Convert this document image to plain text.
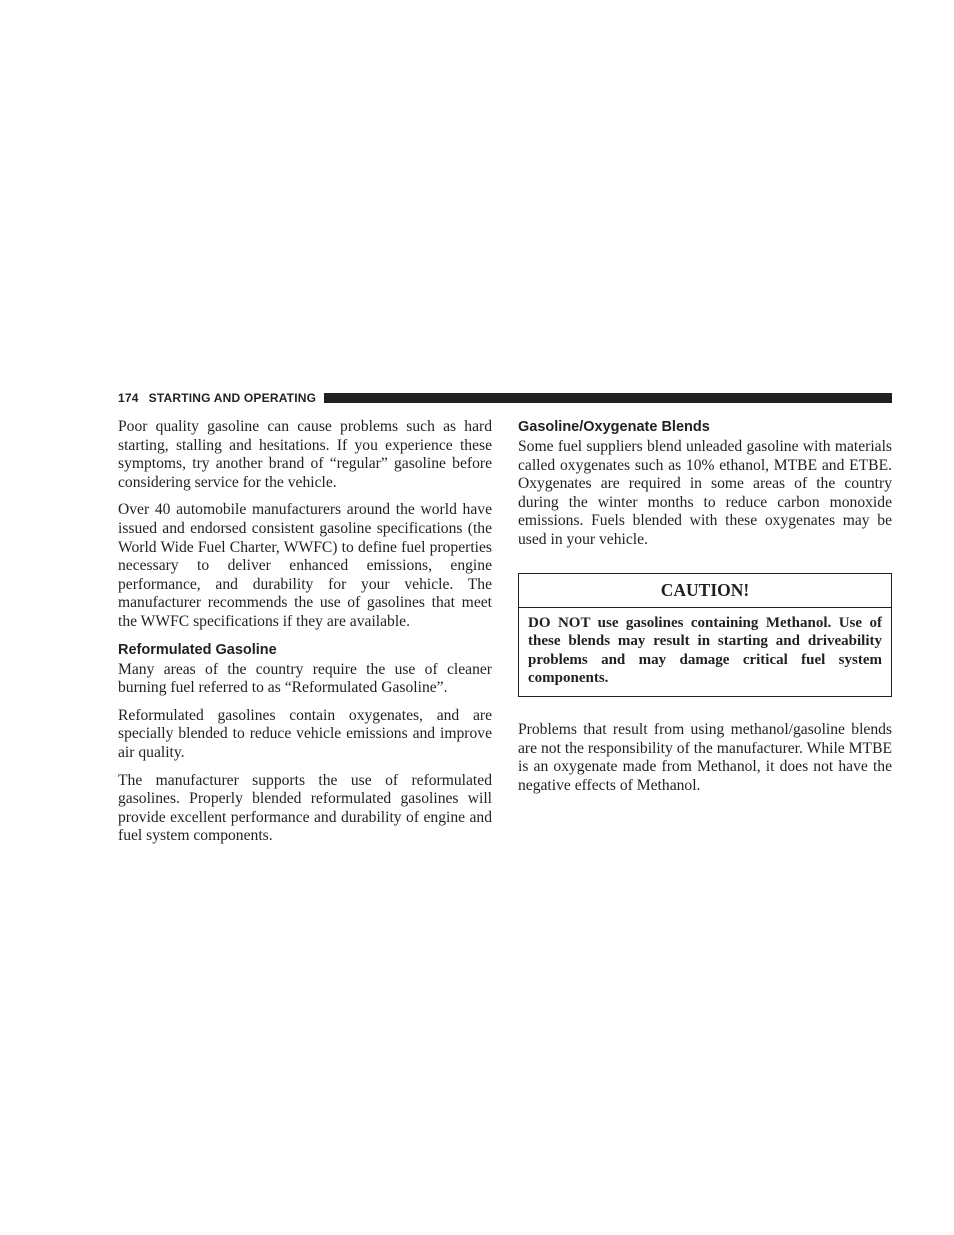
174 STARTING AND OPERATING

Poor quality gasoline can cause problems such as hard starting, stalling and hesitations. If you experience these symptoms, try another brand of “regular” gasoline before considering service for the vehicle.

Over 40 automobile manufacturers around the world have issued and endorsed consistent gasoline specifications (the World Wide Fuel Charter, WWFC) to define fuel properties necessary to deliver enhanced emissions, engine performance, and durability for your vehicle. The manufacturer recommends the use of gasolines that meet the WWFC specifications if they are available.

Reformulated Gasoline

Many areas of the country require the use of cleaner burning fuel referred to as “Reformulated Gasoline”.

Reformulated gasolines contain oxygenates, and are specially blended to reduce vehicle emissions and improve air quality.

The manufacturer supports the use of reformulated gasolines. Properly blended reformulated gasolines will provide excellent performance and durability of engine and fuel system components.

Gasoline/Oxygenate Blends

Some fuel suppliers blend unleaded gasoline with materials called oxygenates such as 10% ethanol, MTBE and ETBE. Oxygenates are required in some areas of the country during the winter months to reduce carbon monoxide emissions. Fuels blended with these oxygenates may be used in your vehicle.

CAUTION!

DO NOT use gasolines containing Methanol. Use of these blends may result in starting and driveability problems and may damage critical fuel system components.

Problems that result from using methanol/gasoline blends are not the responsibility of the manufacturer. While MTBE is an oxygenate made from Methanol, it does not have the negative effects of Methanol.
